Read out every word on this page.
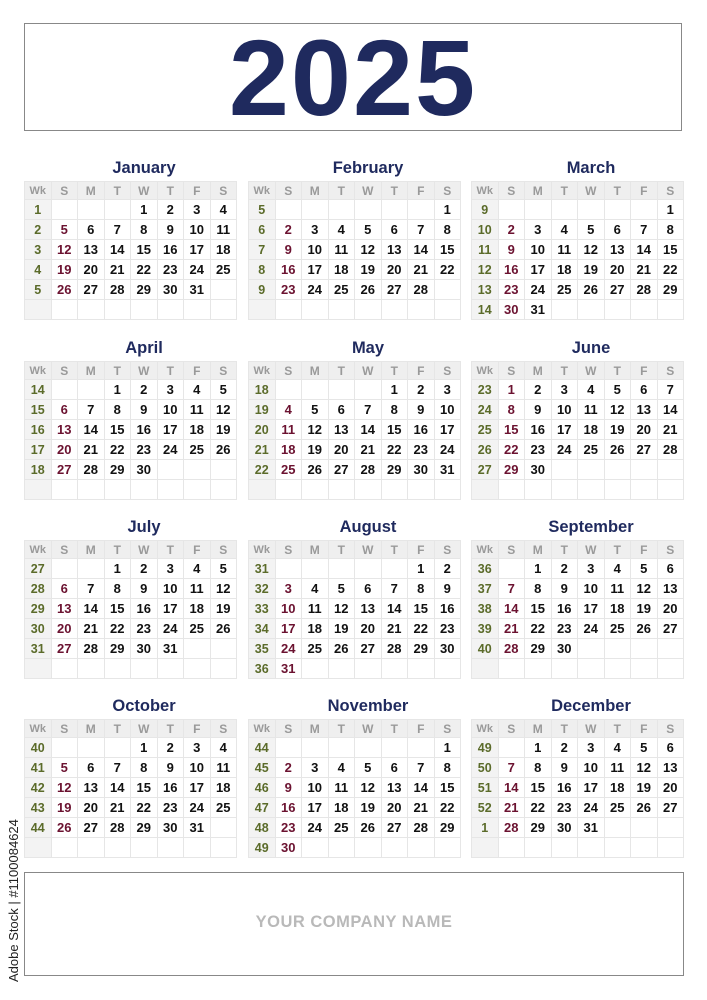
2025
January
Wk	S	M	T	W	T	F	S
1				1	2	3	4
2	5	6	7	8	9	10	11
3	12	13	14	15	16	17	18
4	19	20	21	22	23	24	25
5	26	27	28	29	30	31	

February
Wk	S	M	T	W	T	F	S
5							1
6	2	3	4	5	6	7	8
7	9	10	11	12	13	14	15
8	16	17	18	19	20	21	22
9	23	24	25	26	27	28	

March
Wk	S	M	T	W	T	F	S
9							1
10	2	3	4	5	6	7	8
11	9	10	11	12	13	14	15
12	16	17	18	19	20	21	22
13	23	24	25	26	27	28	29
14	30	31					
April
Wk	S	M	T	W	T	F	S
14			1	2	3	4	5
15	6	7	8	9	10	11	12
16	13	14	15	16	17	18	19
17	20	21	22	23	24	25	26
18	27	28	29	30			

May
Wk	S	M	T	W	T	F	S
18					1	2	3
19	4	5	6	7	8	9	10
20	11	12	13	14	15	16	17
21	18	19	20	21	22	23	24
22	25	26	27	28	29	30	31

June
Wk	S	M	T	W	T	F	S
23	1	2	3	4	5	6	7
24	8	9	10	11	12	13	14
25	15	16	17	18	19	20	21
26	22	23	24	25	26	27	28
27	29	30					

July
Wk	S	M	T	W	T	F	S
27			1	2	3	4	5
28	6	7	8	9	10	11	12
29	13	14	15	16	17	18	19
30	20	21	22	23	24	25	26
31	27	28	29	30	31		

August
Wk	S	M	T	W	T	F	S
31						1	2
32	3	4	5	6	7	8	9
33	10	11	12	13	14	15	16
34	17	18	19	20	21	22	23
35	24	25	26	27	28	29	30
36	31						
September
Wk	S	M	T	W	T	F	S
36		1	2	3	4	5	6
37	7	8	9	10	11	12	13
38	14	15	16	17	18	19	20
39	21	22	23	24	25	26	27
40	28	29	30				

October
Wk	S	M	T	W	T	F	S
40				1	2	3	4
41	5	6	7	8	9	10	11
42	12	13	14	15	16	17	18
43	19	20	21	22	23	24	25
44	26	27	28	29	30	31	

November
Wk	S	M	T	W	T	F	S
44							1
45	2	3	4	5	6	7	8
46	9	10	11	12	13	14	15
47	16	17	18	19	20	21	22
48	23	24	25	26	27	28	29
49	30						
December
Wk	S	M	T	W	T	F	S
49		1	2	3	4	5	6
50	7	8	9	10	11	12	13
51	14	15	16	17	18	19	20
52	21	22	23	24	25	26	27
1	28	29	30	31			

YOUR COMPANY NAME
Adobe Stock | #1100084624
